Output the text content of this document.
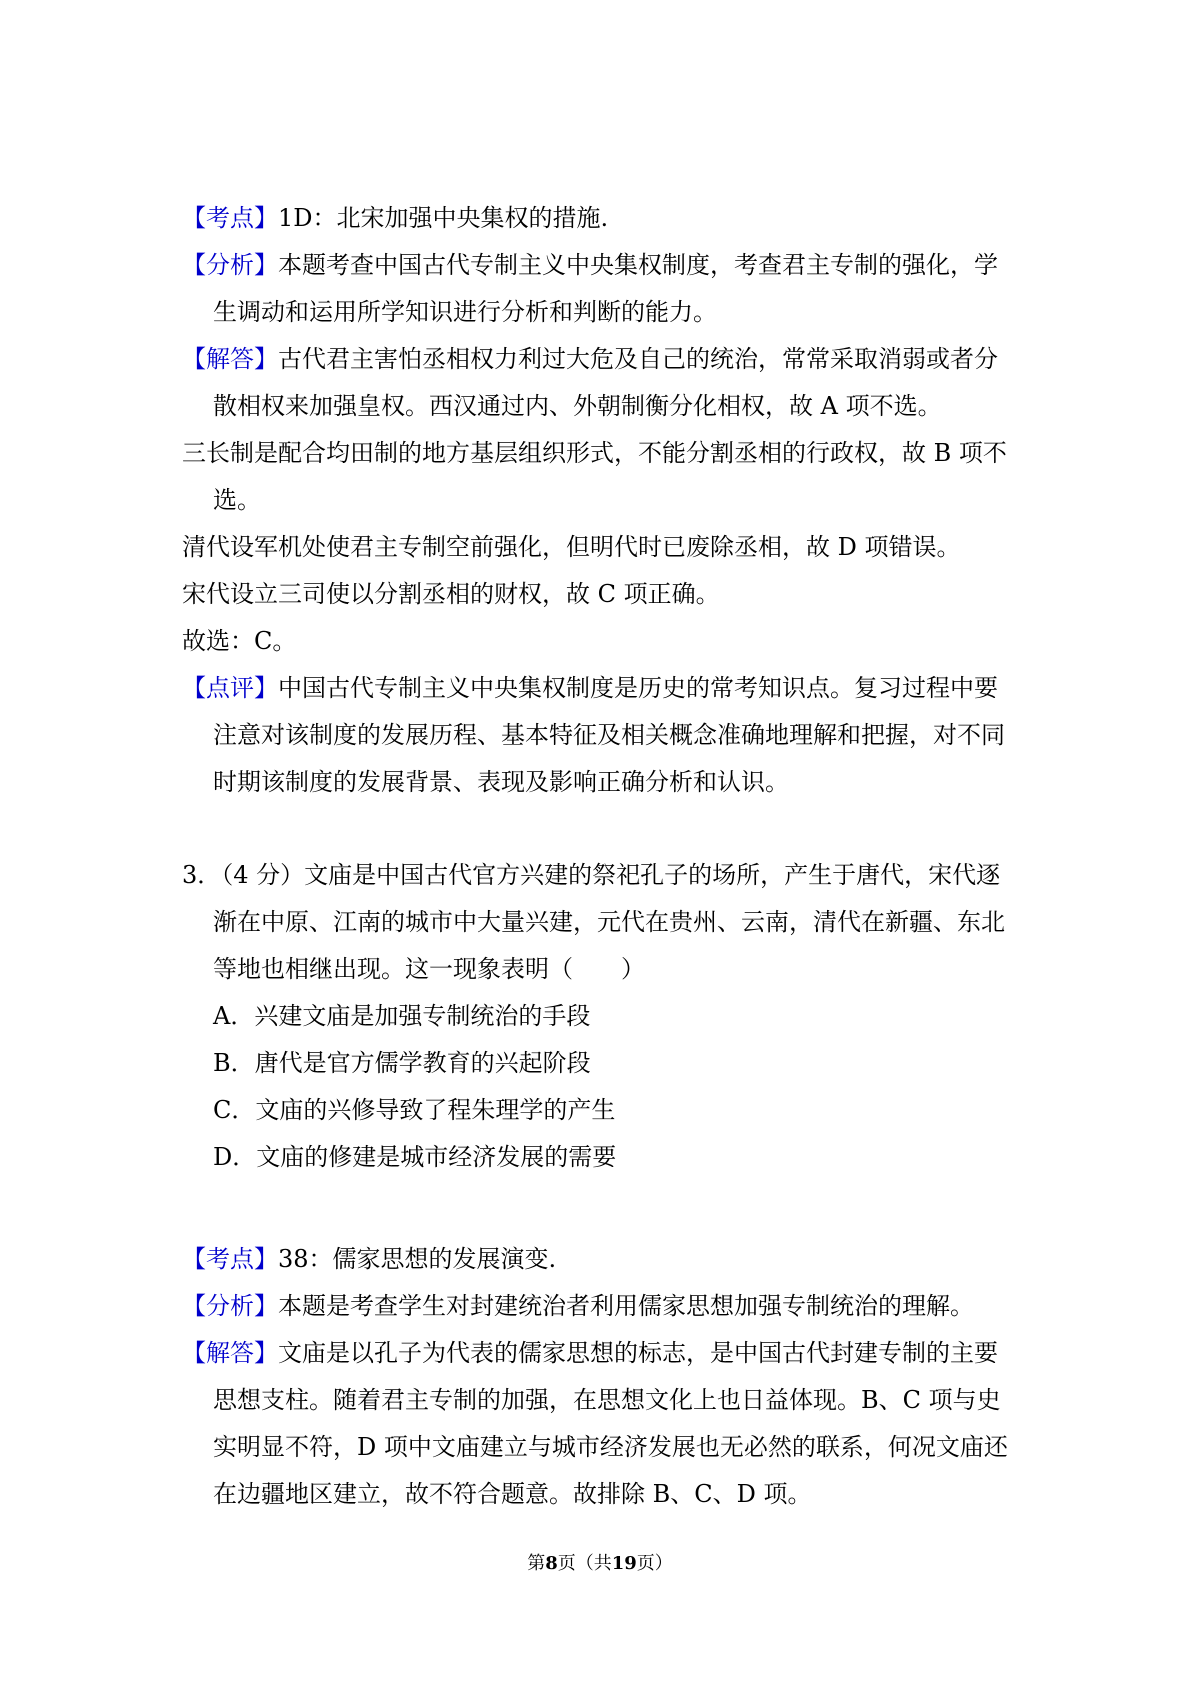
【考点】1D：北宋加强中央集权的措施.
【分析】本题考查中国古代专制主义中央集权制度，考查君主专制的强化，学
生调动和运用所学知识进行分析和判断的能力。
【解答】古代君主害怕丞相权力利过大危及自己的统治，常常采取消弱或者分
散相权来加强皇权。西汉通过内、外朝制衡分化相权，故 A 项不选。
三长制是配合均田制的地方基层组织形式，不能分割丞相的行政权，故 B 项不
选。
清代设军机处使君主专制空前强化，但明代时已废除丞相，故 D 项错误。
宋代设立三司使以分割丞相的财权，故 C 项正确。
故选：C。
【点评】中国古代专制主义中央集权制度是历史的常考知识点。复习过程中要
注意对该制度的发展历程、基本特征及相关概念准确地理解和把握，对不同
时期该制度的发展背景、表现及影响正确分析和认识。
3．（4 分）文庙是中国古代官方兴建的祭祀孔子的场所，产生于唐代，宋代逐
渐在中原、江南的城市中大量兴建，元代在贵州、云南，清代在新疆、东北
等地也相继出现。这一现象表明（　　）
A．兴建文庙是加强专制统治的手段
B．唐代是官方儒学教育的兴起阶段
C．文庙的兴修导致了程朱理学的产生
D．文庙的修建是城市经济发展的需要
【考点】38：儒家思想的发展演变.
【分析】本题是考查学生对封建统治者利用儒家思想加强专制统治的理解。
【解答】文庙是以孔子为代表的儒家思想的标志，是中国古代封建专制的主要
思想支柱。随着君主专制的加强，在思想文化上也日益体现。B、C 项与史
实明显不符，D 项中文庙建立与城市经济发展也无必然的联系，何况文庙还
在边疆地区建立，故不符合题意。故排除 B、C、D 项。
第8页（共19页）
